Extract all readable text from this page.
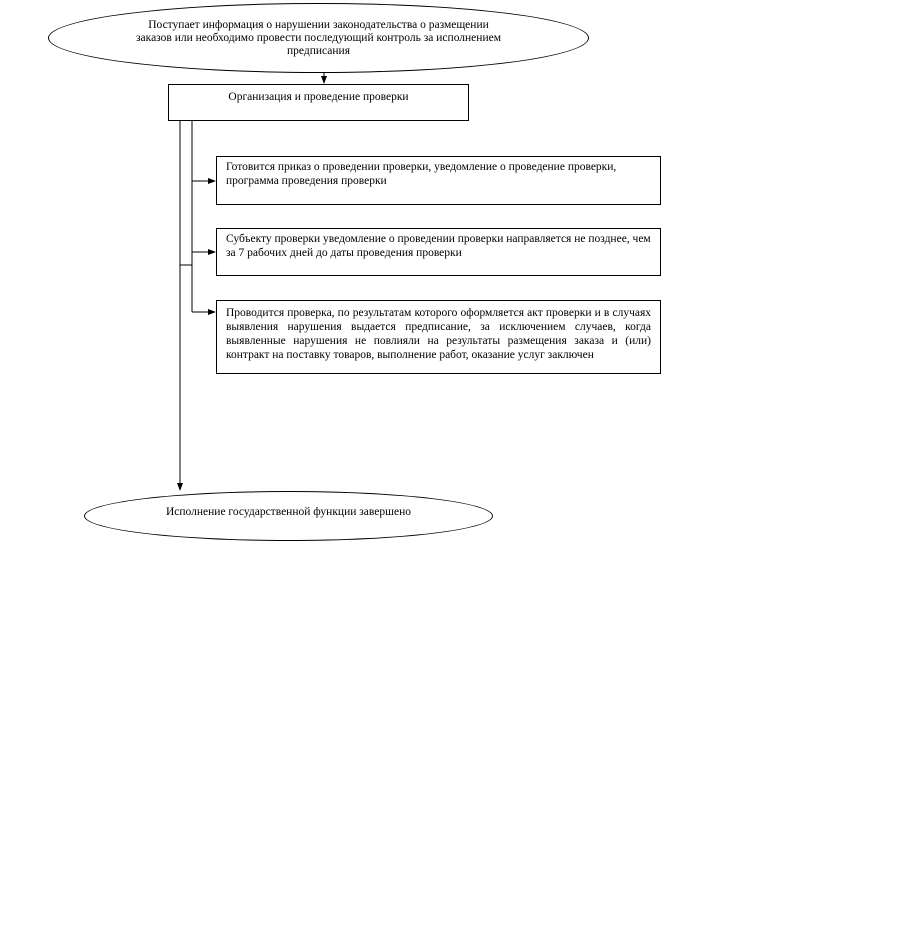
Поступает информация о нарушении законодательства о размещении заказов или необходимо провести последующий контроль за исполнением предписания
Организация и проведение проверки
Готовится приказ о проведении проверки, уведомление о проведение проверки, программа проведения проверки
Субъекту проверки уведомление о проведении проверки направляется не позднее, чем за 7 рабочих дней до даты проведения проверки
Проводится проверка, по результатам которого оформляется акт проверки и в случаях выявления нарушения выдается предписание, за исключением случаев, когда выявленные нарушения не повлияли на результаты размещения заказа и (или) контракт на поставку товаров, выполнение работ, оказание услуг заключен
Исполнение государственной функции завершено
